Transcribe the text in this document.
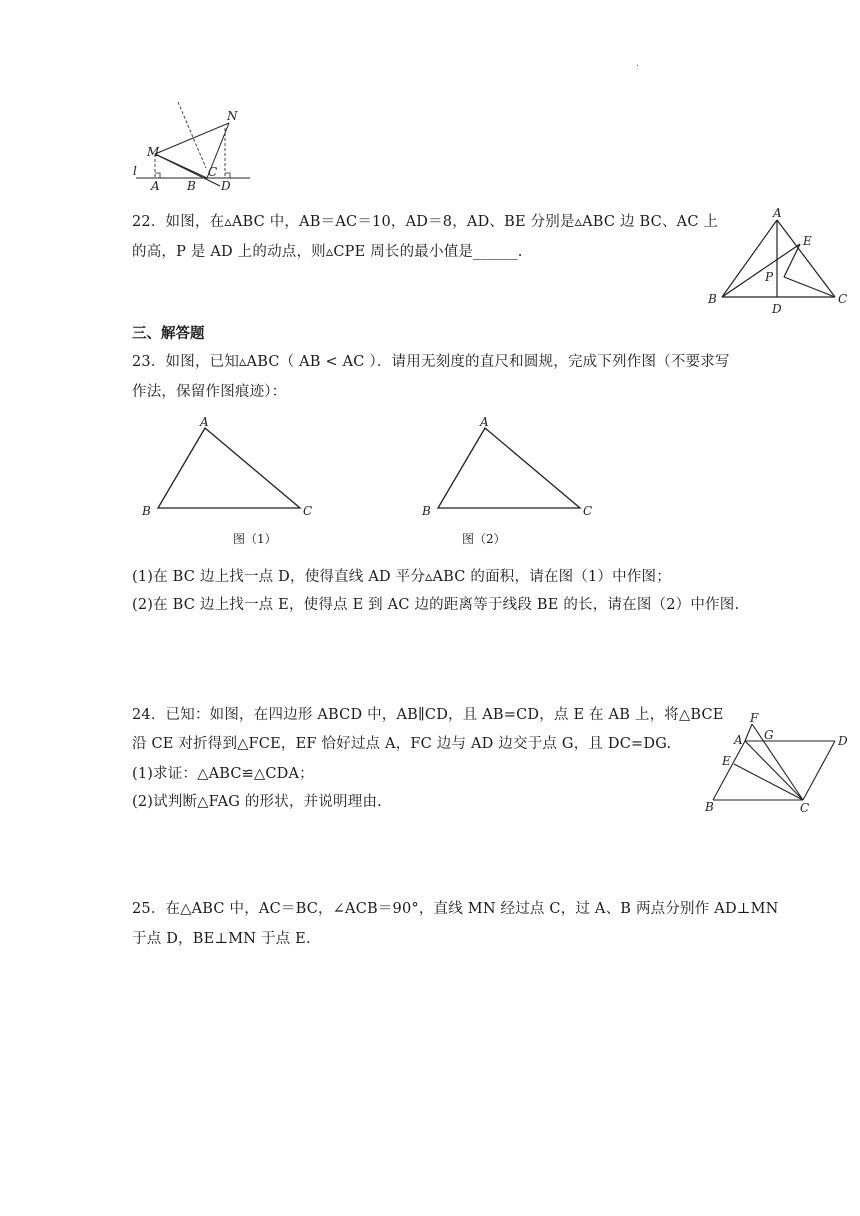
.
N
M
l
A B
C
D
22．如图，在▵ABC 中，AB＝AC＝10，AD＝8，AD、BE 分别是▵ABC 边 BC、AC 上
的高，P 是 AD 上的动点，则▵CPE 周长的最小值是______.
A
E
P
B
D
C
三、解答题
23．如图，已知▵ABC（ AB < AC ）．请用无刻度的直尺和圆规，完成下列作图（不要求写
作法，保留作图痕迹）：
A
B	C
图（1）
A
B	C
图（2）
(1)在 BC 边上找一点 D，使得直线 AD 平分▵ABC 的面积，请在图（1）中作图；
(2)在 BC 边上找一点 E，使得点 E 到 AC 边的距离等于线段 BE 的长，请在图（2）中作图.
24．已知：如图，在四边形 ABCD 中，AB∥CD，且 AB=CD，点 E 在 AB 上，将△BCE
沿 CE 对折得到△FCE，EF 恰好过点 A，FC 边与 AD 边交于点 G，且 DC=DG.
(1)求证：△ABC≌△CDA；
(2)试判断△FAG 的形状，并说明理由.
F
A G	D
E
B	C
25．在△ABC 中，AC＝BC，∠ACB＝90°，直线 MN 经过点 C，过 A、B 两点分别作 AD⊥MN
于点 D，BE⊥MN 于点 E.
